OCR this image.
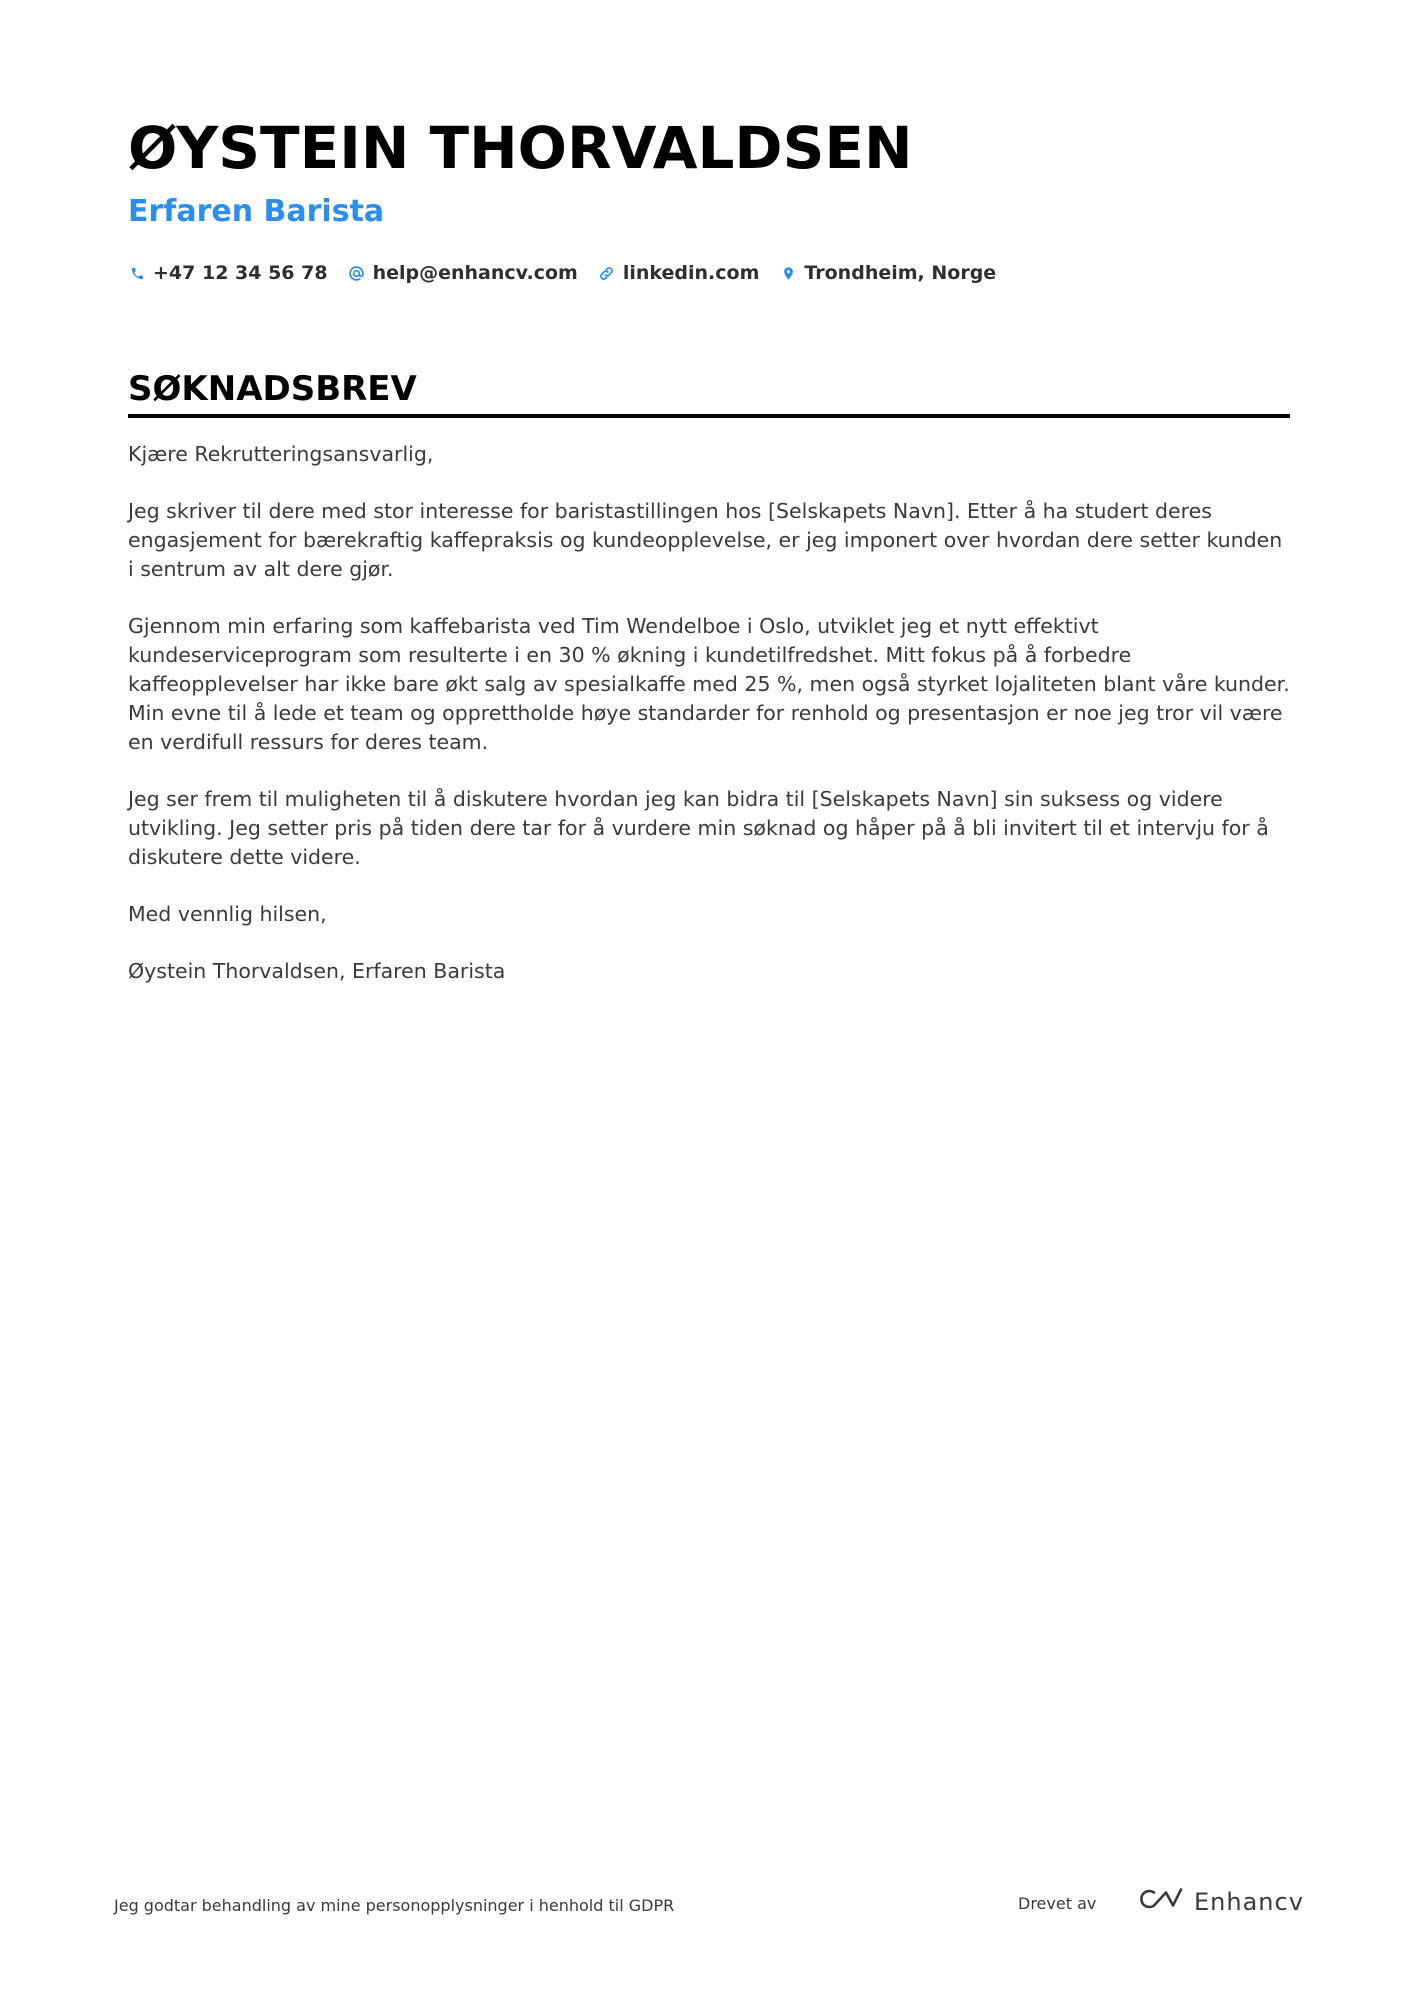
ØYSTEIN THORVALDSEN
Erfaren Barista
+47 12 34 56 78 help@enhancv.com linkedin.com Trondheim, Norge
SØKNADSBREV

Kjære Rekrutteringsansvarlig,

Jeg skriver til dere med stor interesse for baristastillingen hos [Selskapets Navn]. Etter å ha studert deres engasjement for bærekraftig kaffepraksis og kundeopplevelse, er jeg imponert over hvordan dere setter kunden i sentrum av alt dere gjør.

Gjennom min erfaring som kaffebarista ved Tim Wendelboe i Oslo, utviklet jeg et nytt effektivt kundeserviceprogram som resulterte i en 30 % økning i kundetilfredshet. Mitt fokus på å forbedre kaffeopplevelser har ikke bare økt salg av spesialkaffe med 25 %, men også styrket lojaliteten blant våre kunder. Min evne til å lede et team og opprettholde høye standarder for renhold og presentasjon er noe jeg tror vil være en verdifull ressurs for deres team.

Jeg ser frem til muligheten til å diskutere hvordan jeg kan bidra til [Selskapets Navn] sin suksess og videre utvikling. Jeg setter pris på tiden dere tar for å vurdere min søknad og håper på å bli invitert til et intervju for å diskutere dette videre.

Med vennlig hilsen,

Øystein Thorvaldsen, Erfaren Barista

Jeg godtar behandling av mine personopplysninger i henhold til GDPR	Drevet av	Enhancv
